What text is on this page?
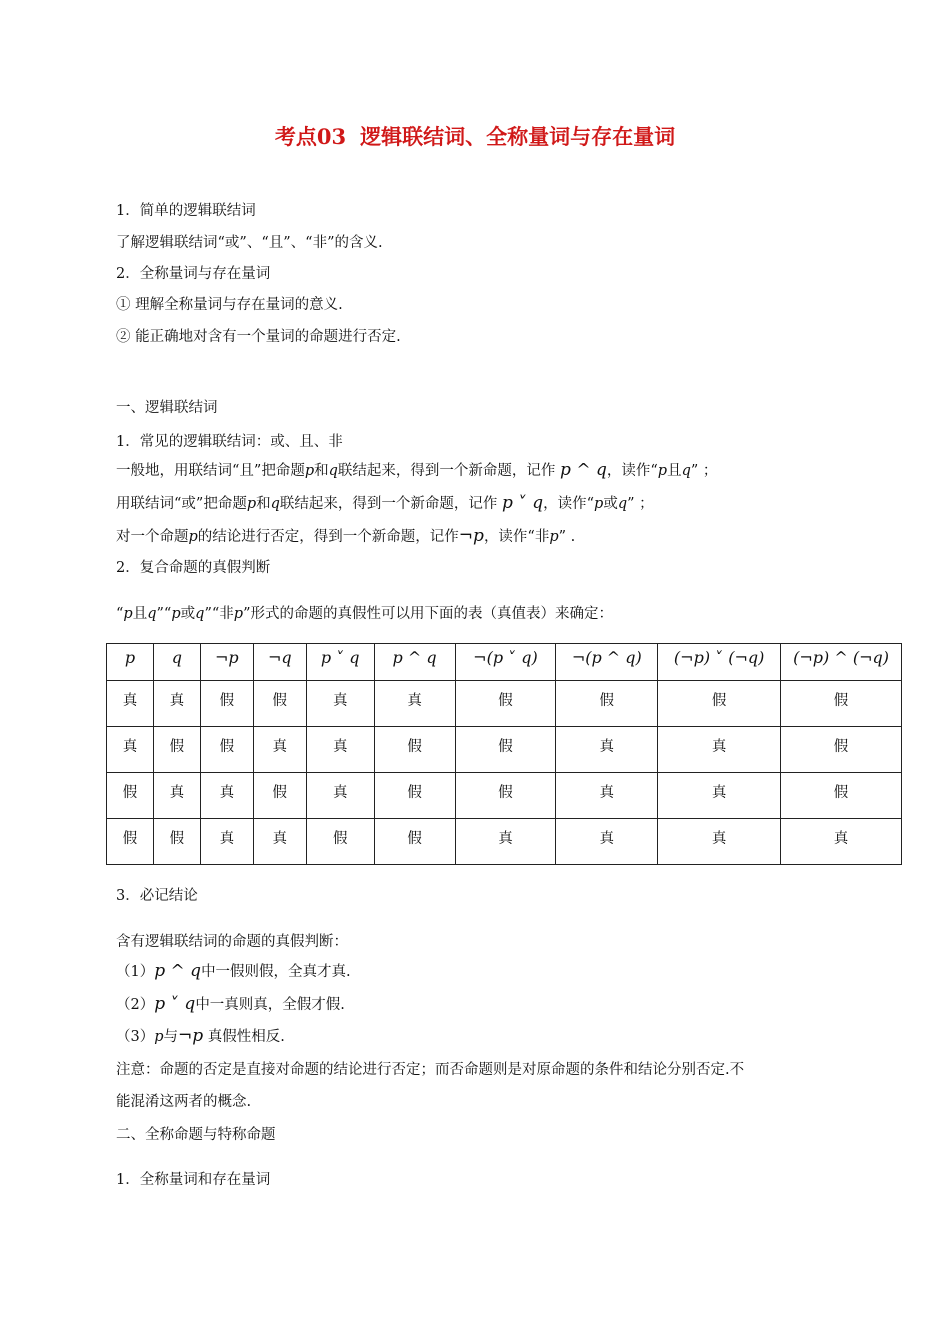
考点03 逻辑联结词、全称量词与存在量词
1．简单的逻辑联结词
了解逻辑联结词“或”、“且”、“非”的含义.
2．全称量词与存在量词
① 理解全称量词与存在量词的意义.
② 能正确地对含有一个量词的命题进行否定.
一、逻辑联结词
1．常见的逻辑联结词：或、且、非
一般地，用联结词“且”把命题p和q联结起来，得到一个新命题，记作 p ^ q，读作“p且q” ；
用联结词“或”把命题p和q联结起来，得到一个新命题，记作 p ˅ q，读作“p或q” ；
对一个命题p的结论进行否定，得到一个新命题，记作¬p，读作“非p” .
2．复合命题的真假判断
“p且q”“p或q”“非p”形式的命题的真假性可以用下面的表（真值表）来确定：
p	q	¬p	¬q	p ˅ q	p ^ q	¬(p ˅ q)	¬(p ^ q)	(¬p) ˅ (¬q)	(¬p) ^ (¬q)
真	真	假	假	真	真	假	假	假	假
真	假	假	真	真	假	假	真	真	假
假	真	真	假	真	假	假	真	真	假
假	假	真	真	假	假	真	真	真	真
3．必记结论
含有逻辑联结词的命题的真假判断：
（1）p ^ q中一假则假，全真才真.
（2）p ˅ q中一真则真，全假才假.
（3）p与¬p 真假性相反.
注意：命题的否定是直接对命题的结论进行否定；而否命题则是对原命题的条件和结论分别否定.不
能混淆这两者的概念.
二、全称命题与特称命题
1．全称量词和存在量词
